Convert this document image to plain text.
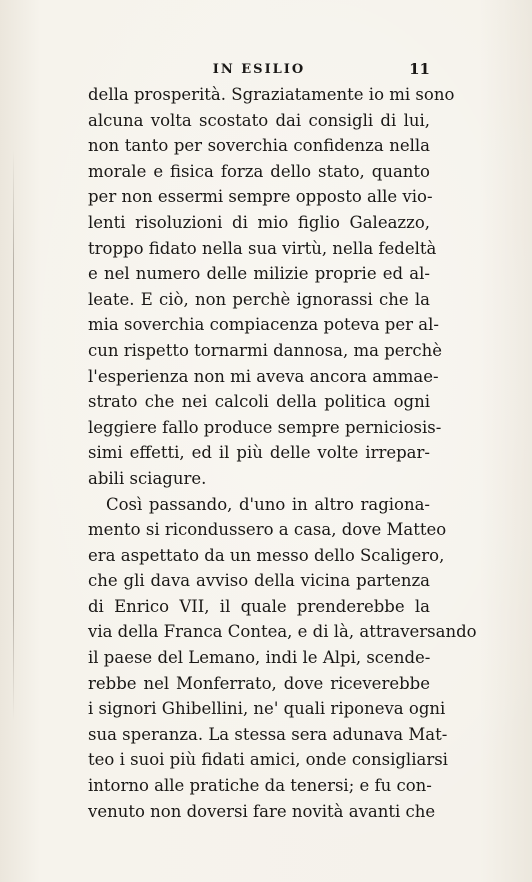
IN ESILIO	11
della prosperità. Sgraziatamente io mi sono
alcuna volta scostato dai consigli di lui,
non tanto per soverchia confidenza nella
morale e fisica forza dello stato, quanto
per non essermi sempre opposto alle vio-
lenti risoluzioni di mio figlio Galeazzo,
troppo fidato nella sua virtù, nella fedeltà
e nel numero delle milizie proprie ed al-
leate. E ciò, non perchè ignorassi che la
mia soverchia compiacenza poteva per al-
cun rispetto tornarmi dannosa, ma perchè
l'esperienza non mi aveva ancora ammae-
strato che nei calcoli della politica ogni
leggiere fallo produce sempre perniciosis-
simi effetti, ed il più delle volte irrepar-
abili sciagure.
Così passando, d'uno in altro ragiona-
mento si ricondussero a casa, dove Matteo
era aspettato da un messo dello Scaligero,
che gli dava avviso della vicina partenza
di Enrico VII, il quale prenderebbe la
via della Franca Contea, e di là, attraversando
il paese del Lemano, indi le Alpi, scende-
rebbe nel Monferrato, dove riceverebbe
i signori Ghibellini, ne' quali riponeva ogni
sua speranza. La stessa sera adunava Mat-
teo i suoi più fidati amici, onde consigliarsi
intorno alle pratiche da tenersi; e fu con-
venuto non doversi fare novità avanti che
